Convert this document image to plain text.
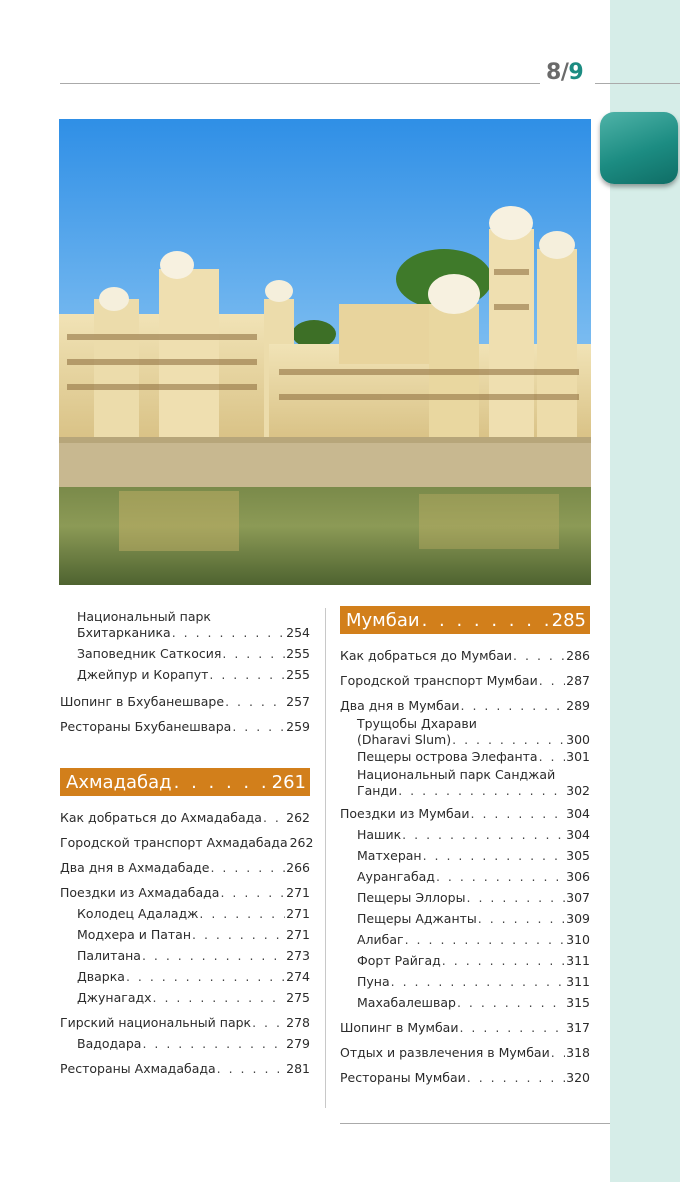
8/9
Национальный парк
Бхитарканика . . .	254
Заповедник Саткосия . . .	255
Джейпур и Корапут . . .	255
Шопинг в Бхубанешваре . . .	257
Рестораны Бхубанешвара . . .	259
Ахмадабад . . .	261
Как добраться до Ахмадабада . . . 262
Городской транспорт Ахмадабада 262
Два дня в Ахмадабаде . . .	266
Поездки из Ахмадабада . . .	271
Колодец Адаладж . . .	271
Модхера и Патан . . .	271
Палитана . . .	273
Дварка . . .	274
Джунагадх . . .	275
Гирский национальный парк . . .	278
Вадодара . . .	279
Рестораны Ахмадабада . . .	281
Мумбаи . . .	285
Как добраться до Мумбаи . . .	286
Городской транспорт Мумбаи . . . 287
Два дня в Мумбаи . . .	289
Трущобы Дхарави
(Dharavi Slum) . . .	300
Пещеры острова Элефанта . . . 301
Национальный парк Санджай
Ганди . . .	302
Поездки из Мумбаи . . .	304
Нашик . . .	304
Матхеран . . .	305
Аурангабад . . .	306
Пещеры Эллоры . . .	307
Пещеры Аджанты . . .	309
Алибаг . . .	310
Форт Райгад . . .	311
Пуна . . .	311
Махабалешвар . . .	315
Шопинг в Мумбаи . . .	317
Отдых и развлечения в Мумбаи . . . 318
Рестораны Мумбаи . . .	320
